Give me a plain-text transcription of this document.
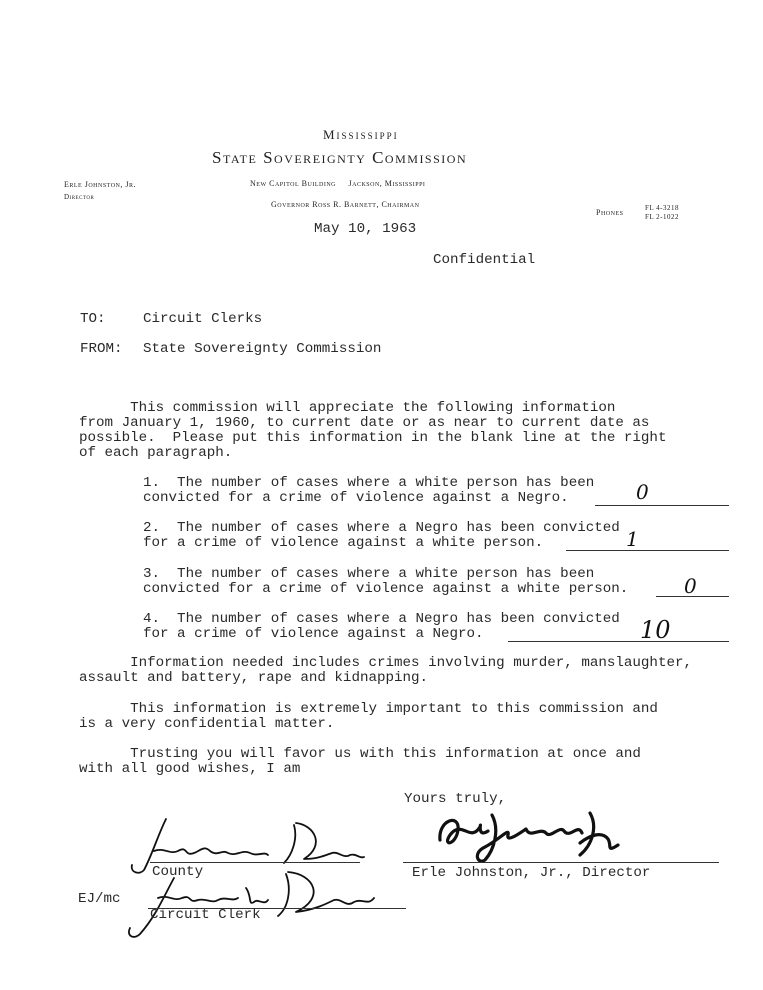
Mississippi
State Sovereignty Commission
Erle Johnston, Jr.
Director
New Capitol Building     Jackson, Mississippi
Governor Ross R. Barnett, Chairman
Phones	FL 4-3218
FL 2-1022
May 10, 1963
Confidential
TO:	Circuit Clerks
FROM: State Sovereignty Commission
This commission will appreciate the following information
from January 1, 1960, to current date or as near to current date as
possible.  Please put this information in the blank line at the right
of each paragraph.
1.  The number of cases where a white person has been
convicted for a crime of violence against a Negro.	0
2.  The number of cases where a Negro has been convicted
for a crime of violence against a white person.	1
3.  The number of cases where a white person has been
convicted for a crime of violence against a white person.	0
4.  The number of cases where a Negro has been convicted
for a crime of violence against a Negro.	10
Information needed includes crimes involving murder, manslaughter,
assault and battery, rape and kidnapping.
This information is extremely important to this commission and
is a very confidential matter.
Trusting you will favor us with this information at once and
with all good wishes, I am
Yours truly,
Erle Johnston, Jr., Director
County
Circuit Clerk
EJ/mc
